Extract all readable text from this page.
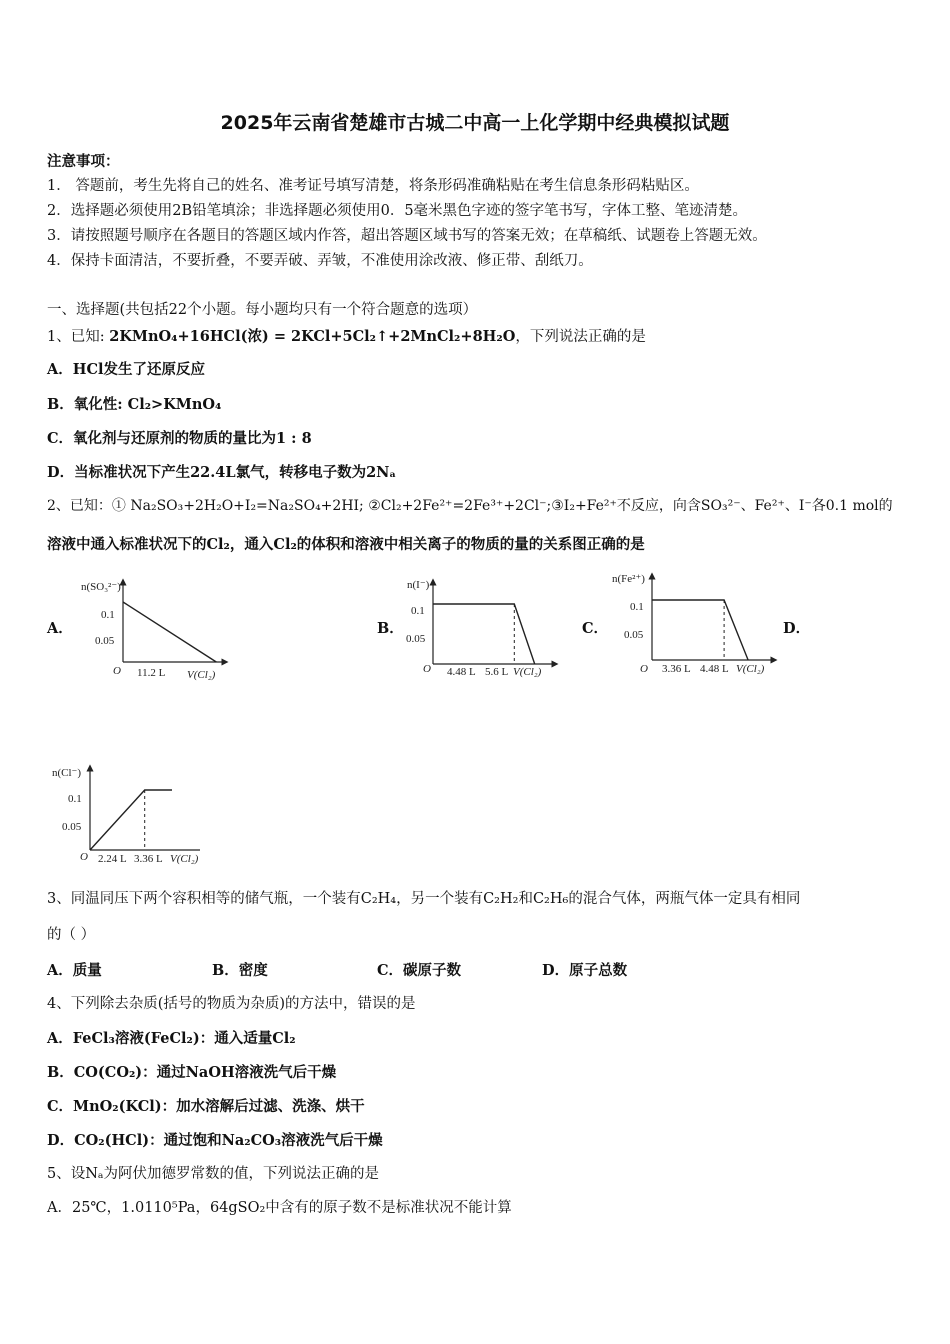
2025年云南省楚雄市古城二中高一上化学期中经典模拟试题
注意事项：
1． 答题前，考生先将自己的姓名、准考证号填写清楚，将条形码准确粘贴在考生信息条形码粘贴区。
2．选择题必须使用2B铅笔填涂；非选择题必须使用0．5毫米黑色字迹的签字笔书写，字体工整、笔迹清楚。
3．请按照题号顺序在各题目的答题区域内作答，超出答题区域书写的答案无效；在草稿纸、试题卷上答题无效。
4．保持卡面清洁，不要折叠，不要弄破、弄皱，不准使用涂改液、修正带、刮纸刀。
一、选择题(共包括22个小题。每小题均只有一个符合题意的选项）
1、已知: 2KMnO₄+16HCl(浓) = 2KCl+5Cl₂↑+2MnCl₂+8H₂O，下列说法正确的是
A．HCl发生了还原反应
B．氧化性: Cl₂>KMnO₄
C．氧化剂与还原剂的物质的量比为1 : 8
D．当标准状况下产生22.4L氯气，转移电子数为2Nₐ
2、已知：① Na₂SO₃+2H₂O+I₂=Na₂SO₄+2HI; ②Cl₂+2Fe²⁺=2Fe³⁺+2Cl⁻;③I₂+Fe²⁺不反应，向含SO₃²⁻、Fe²⁺、I⁻各0.1 mol的
溶液中通入标准状况下的Cl₂，通入Cl₂的体积和溶液中相关离子的物质的量的关系图正确的是
A．	B．	C．	D．
n(SO₃²⁻)
0.1
0.05
O 11.2 L V(Cl₂)
n(I⁻)
0.1
0.05
O 4.48 L 5.6 L V(Cl₂)
n(Fe²⁺)
0.1
0.05
O 3.36 L 4.48 L V(Cl₂)
n(Cl⁻)
0.1
0.05
O 2.24 L 3.36 L V(Cl₂)
3、同温同压下两个容积相等的储气瓶，一个装有C₂H₄，另一个装有C₂H₂和C₂H₆的混合气体，两瓶气体一定具有相同
的（ ）
A．质量	B．密度	C．碳原子数	D．原子总数
4、下列除去杂质(括号的物质为杂质)的方法中，错误的是
A．FeCl₃溶液(FeCl₂)：通入适量Cl₂
B．CO(CO₂)：通过NaOH溶液洗气后干燥
C．MnO₂(KCl)：加水溶解后过滤、洗涤、烘干
D．CO₂(HCl)：通过饱和Na₂CO₃溶液洗气后干燥
5、设Nₐ为阿伏加德罗常数的值，下列说法正确的是
A．25℃，1.0110⁵Pa，64gSO₂中含有的原子数不是标准状况不能计算
